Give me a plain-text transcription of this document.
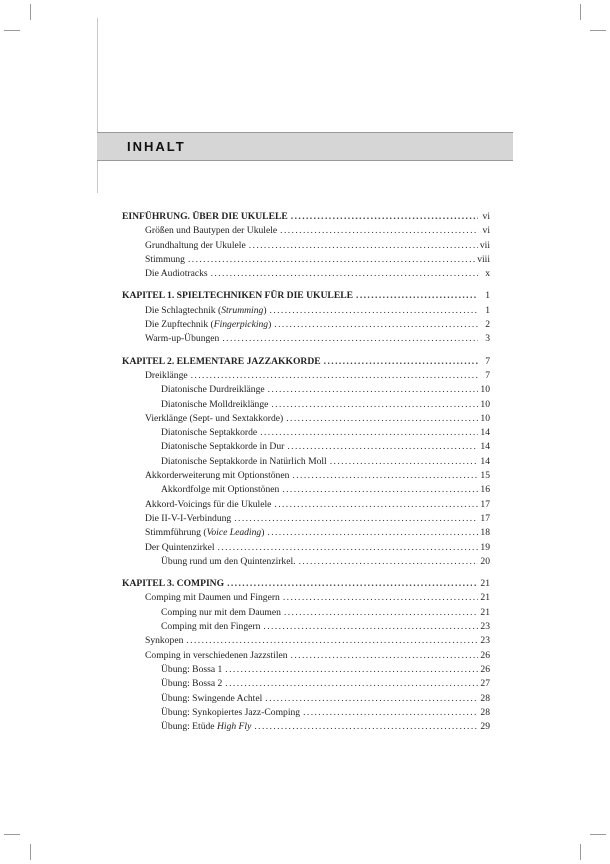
INHALT
EINFÜHRUNG. ÜBER DIE UKULELE .....	vi
Größen und Bautypen der Ukulele .....	vi
Grundhaltung der Ukulele .....	vii
Stimmung .....	viii
Die Audiotracks .....	x
KAPITEL 1. SPIELTECHNIKEN FÜR DIE UKULELE .....	1
Die Schlagtechnik (Strumming) .....	1
Die Zupftechnik (Fingerpicking) .....	2
Warm-up-Übungen .....	3
KAPITEL 2. ELEMENTARE JAZZAKKORDE .....	7
Dreiklänge .....	7
Diatonische Durdreiklänge .....	10
Diatonische Molldreiklänge .....	10
Vierklänge (Sept- und Sextakkorde) .....	10
Diatonische Septakkorde .....	14
Diatonische Septakkorde in Dur .....	14
Diatonische Septakkorde in Natürlich Moll .....	14
Akkorderweiterung mit Optionstönen .....	15
Akkordfolge mit Optionstönen .....	16
Akkord-Voicings für die Ukulele .....	17
Die II-V-I-Verbindung .....	17
Stimmführung (Voice Leading) .....	18
Der Quintenzirkel .....	19
Übung rund um den Quintenzirkel. .....	20
KAPITEL 3. COMPING .....	21
Comping mit Daumen und Fingern .....	21
Comping nur mit dem Daumen .....	21
Comping mit den Fingern .....	23
Synkopen .....	23
Comping in verschiedenen Jazzstilen .....	26
Übung: Bossa 1 .....	26
Übung: Bossa 2 .....	27
Übung: Swingende Achtel .....	28
Übung: Synkopiertes Jazz-Comping .....	28
Übung: Etüde High Fly .....	29
